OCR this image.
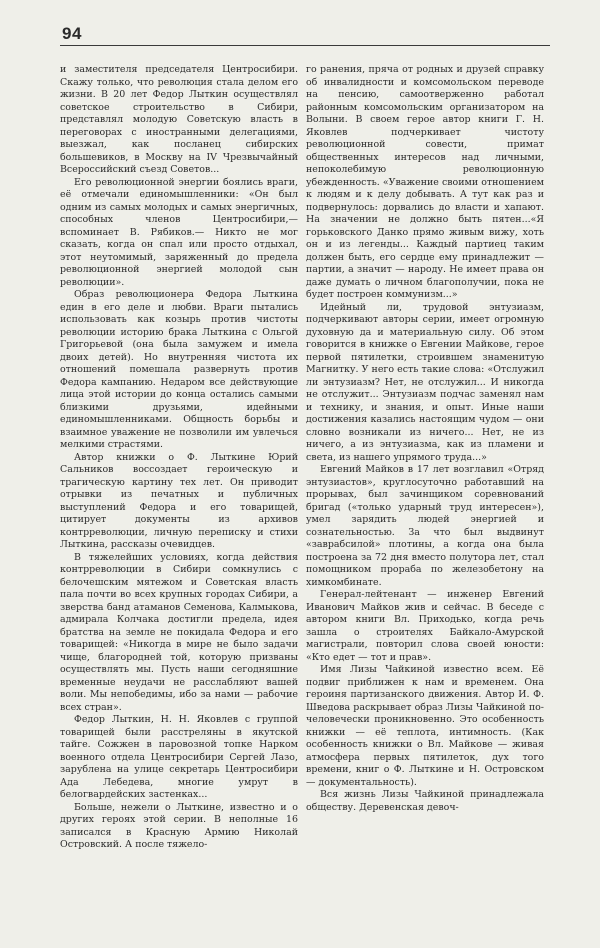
94

и заместителя председателя Центросибири. Скажу только, что революция стала делом его жизни. В 20 лет Федор Лыткин осуществлял советское строительство в Сибири, представлял молодую Советскую власть в переговорах с иностранными делегациями, выезжал, как посланец сибирских большевиков, в Москву на IV Чрезвычайный Всероссийский съезд Советов...

Его революционной энергии боялись враги, её отмечали единомышленники: «Он был одним из самых молодых и самых энергичных, способных членов Центросибири,— вспоминает В. Рябиков.— Никто не мог сказать, когда он спал или просто отдыхал, этот неутомимый, заряженный до предела революционной энергией молодой сын революции».

Образ революционера Федора Лыткина един в его деле и любви. Враги пытались использовать как козырь против чистоты революции историю брака Лыткина с Ольгой Григорьевой (она была замужем и имела двоих детей). Но внутренняя чистота их отношений помешала развернуть против Федора кампанию. Недаром все действующие лица этой истории до конца остались самыми близкими друзьями, идейными единомышленниками. Общность борьбы и взаимное уважение не позволили им увлечься мелкими страстями.

Автор книжки о Ф. Лыткине Юрий Сальников воссоздает героическую и трагическую картину тех лет. Он приводит отрывки из печатных и публичных выступлений Федора и его товарищей, цитирует документы из архивов контрреволюции, личную переписку и стихи Лыткина, рассказы очевидцев.

В тяжелейших условиях, когда действия контрреволюции в Сибири сомкнулись с белочешским мятежом и Советская власть пала почти во всех крупных городах Сибири, а зверства банд атаманов Семенова, Калмыкова, адмирала Колчака достигли предела, идея братства на земле не покидала Федора и его товарищей: «Никогда в мире не было задачи чище, благородней той, которую призваны осуществлять мы. Пусть наши сегодняшние временные неудачи не расслабляют вашей воли. Мы непобедимы, ибо за нами — рабочие всех стран».

Федор Лыткин, Н. Н. Яковлев с группой товарищей были расстреляны в якутской тайге. Сожжен в паровозной топке Нарком военного отдела Центросибири Сергей Лазо, зарублена на улице секретарь Центросибири Ада Лебедева, многие умрут в белогвардейских застенках...

Больше, нежели о Лыткине, известно и о других героях этой серии. В неполные 16 записался в Красную Армию Николай Островский. А после тяжело-

го ранения, пряча от родных и друзей справку об инвалидности и комсомольском переводе на пенсию, самоотверженно работал районным комсомольским организатором на Волыни. В своем герое автор книги Г. Н. Яковлев подчеркивает чистоту революционной совести, примат общественных интересов над личными, непоколебимую революционную убежденность. «Уважение своими отношением к людям и к делу добывать. А тут как раз и подвернулось: дорвались до власти и хапают. На значении не должно быть пятен...«Я горьковского Данко прямо живым вижу, хоть он и из легенды... Каждый партиец таким должен быть, его сердце ему принадлежит — партии, а значит — народу. Не имеет права он даже думать о личном благополучии, пока не будет построен коммунизм...»

Идейный ли, трудовой энтузиазм, подчеркивают авторы серии, имеет огромную духовную да и материальную силу. Об этом говорится в книжке о Евгении Майкове, герое первой пятилетки, строившем знаменитую Магнитку. У него есть такие слова: «Отслужил ли энтузиазм? Нет, не отслужил... И никогда не отслужит... Энтузиазм подчас заменял нам и технику, и знания, и опыт. Иные наши достижения казались настоящим чудом — они словно возникали из ничего... Нет, не из ничего, а из энтузиазма, как из пламени и света, из нашего упрямого труда...»

Евгений Майков в 17 лет возглавил «Отряд энтузиастов», круглосуточно работавший на прорывах, был зачинщиком соревнований бригад («только ударный труд интересен»), умел зарядить людей энергией и сознательностью. За что был выдвинут «заврабсилой» плотины, а когда она была построена за 72 дня вместо полутора лет, стал помощником прораба по железобетону на химкомбинате.

Генерал-лейтенант — инженер Евгений Иванович Майков жив и сейчас. В беседе с автором книги Вл. Приходько, когда речь зашла о строителях Байкало-Амурской магистрали, повторил слова своей юности: «Кто едет — тот и прав».

Имя Лизы Чайкиной известно всем. Её подвиг приближен к нам и временем. Она героиня партизанского движения. Автор И. Ф. Шведова раскрывает образ Лизы Чайкиной по-человечески проникновенно. Это особенность книжки — её теплота, интимность. (Как особенность книжки о Вл. Майкове — живая атмосфера первых пятилеток, дух того времени, книг о Ф. Лыткине и Н. Островском — документальность).

Вся жизнь Лизы Чайкиной принадлежала обществу. Деревенская девоч-
